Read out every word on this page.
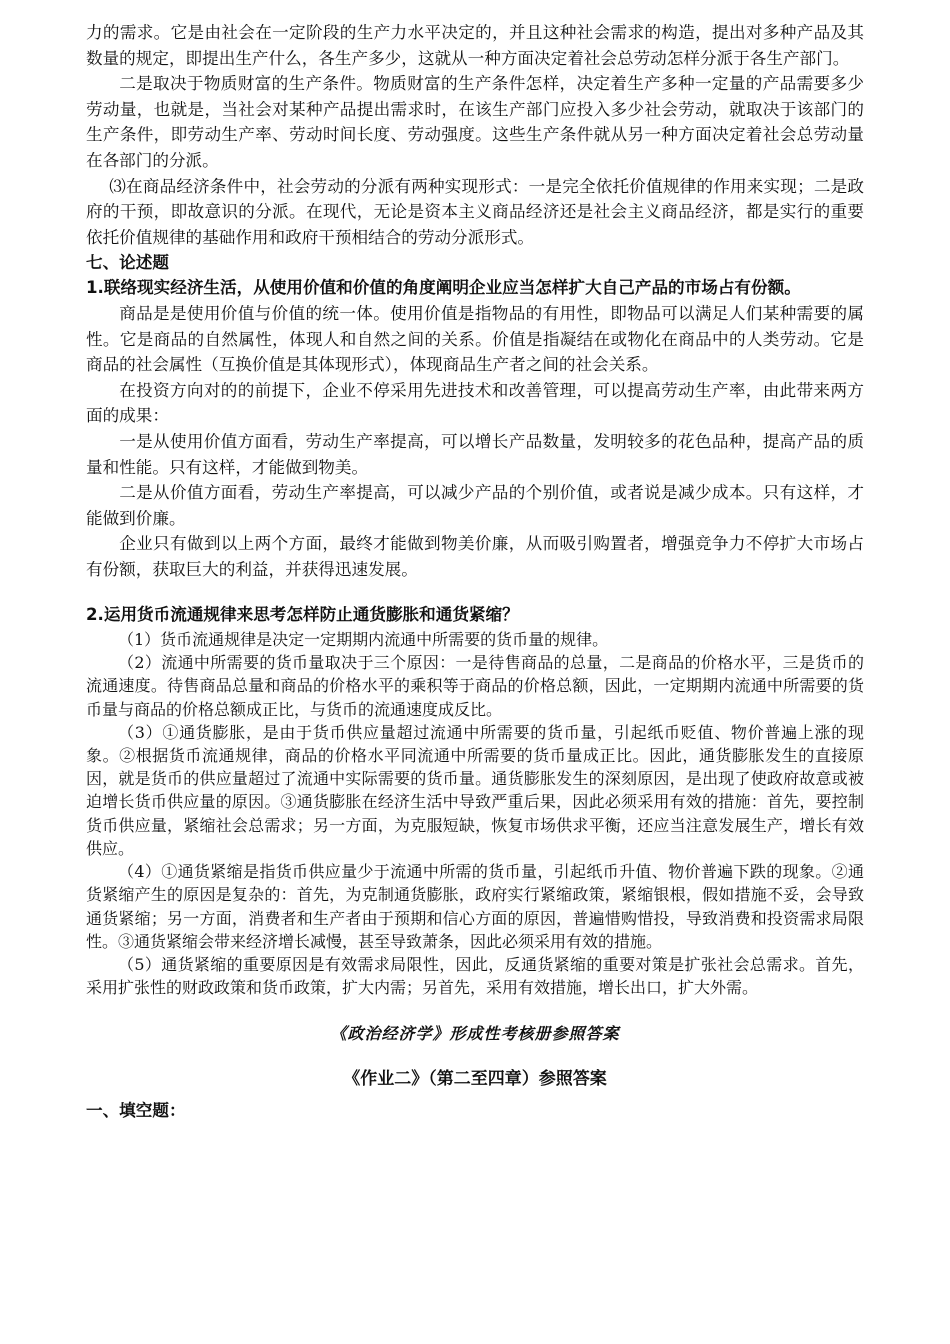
力的需求。它是由社会在一定阶段的生产力水平决定的，并且这种社会需求的构造，提出对多种产品及其数量的规定，即提出生产什么，各生产多少，这就从一种方面决定着社会总劳动怎样分派于各生产部门。

二是取决于物质财富的生产条件。物质财富的生产条件怎样，决定着生产多种一定量的产品需要多少劳动量，也就是，当社会对某种产品提出需求时，在该生产部门应投入多少社会劳动，就取决于该部门的生产条件，即劳动生产率、劳动时间长度、劳动强度。这些生产条件就从另一种方面决定着社会总劳动量在各部门的分派。

⑶在商品经济条件中，社会劳动的分派有两种实现形式：一是完全依托价值规律的作用来实现；二是政府的干预，即故意识的分派。在现代，无论是资本主义商品经济还是社会主义商品经济，都是实行的重要依托价值规律的基础作用和政府干预相结合的劳动分派形式。

七、论述题
1.联络现实经济生活，从使用价值和价值的角度阐明企业应当怎样扩大自己产品的市场占有份额。

商品是是使用价值与价值的统一体。使用价值是指物品的有用性，即物品可以满足人们某种需要的属性。它是商品的自然属性，体现人和自然之间的关系。价值是指凝结在或物化在商品中的人类劳动。它是商品的社会属性（互换价值是其体现形式），体现商品生产者之间的社会关系。

在投资方向对的的前提下，企业不停采用先进技术和改善管理，可以提高劳动生产率，由此带来两方面的成果：

一是从使用价值方面看，劳动生产率提高，可以增长产品数量，发明较多的花色品种，提高产品的质量和性能。只有这样，才能做到物美。

二是从价值方面看，劳动生产率提高，可以减少产品的个别价值，或者说是减少成本。只有这样，才能做到价廉。

企业只有做到以上两个方面，最终才能做到物美价廉，从而吸引购置者，增强竞争力不停扩大市场占有份额，获取巨大的利益，并获得迅速发展。

2.运用货币流通规律来思考怎样防止通货膨胀和通货紧缩？

（1）货币流通规律是决定一定期期内流通中所需要的货币量的规律。

（2）流通中所需要的货币量取决于三个原因：一是待售商品的总量，二是商品的价格水平，三是货币的流通速度。待售商品总量和商品的价格水平的乘积等于商品的价格总额，因此，一定期期内流通中所需要的货币量与商品的价格总额成正比，与货币的流通速度成反比。

（3）①通货膨胀，是由于货币供应量超过流通中所需要的货币量，引起纸币贬值、物价普遍上涨的现象。②根据货币流通规律，商品的价格水平同流通中所需要的货币量成正比。因此，通货膨胀发生的直接原因，就是货币的供应量超过了流通中实际需要的货币量。通货膨胀发生的深刻原因，是出现了使政府故意或被迫增长货币供应量的原因。③通货膨胀在经济生活中导致严重后果，因此必须采用有效的措施：首先，要控制货币供应量，紧缩社会总需求；另一方面，为克服短缺，恢复市场供求平衡，还应当注意发展生产，增长有效供应。

（4）①通货紧缩是指货币供应量少于流通中所需的货币量，引起纸币升值、物价普遍下跌的现象。②通货紧缩产生的原因是复杂的：首先，为克制通货膨胀，政府实行紧缩政策，紧缩银根，假如措施不妥，会导致通货紧缩；另一方面，消费者和生产者由于预期和信心方面的原因，普遍惜购惜投，导致消费和投资需求局限性。③通货紧缩会带来经济增长减慢，甚至导致萧条，因此必须采用有效的措施。

（5）通货紧缩的重要原因是有效需求局限性，因此，反通货紧缩的重要对策是扩张社会总需求。首先，采用扩张性的财政政策和货币政策，扩大内需；另首先，采用有效措施，增长出口，扩大外需。

《政治经济学》形成性考核册参照答案
《作业二》（第二至四章）参照答案
一、填空题：
